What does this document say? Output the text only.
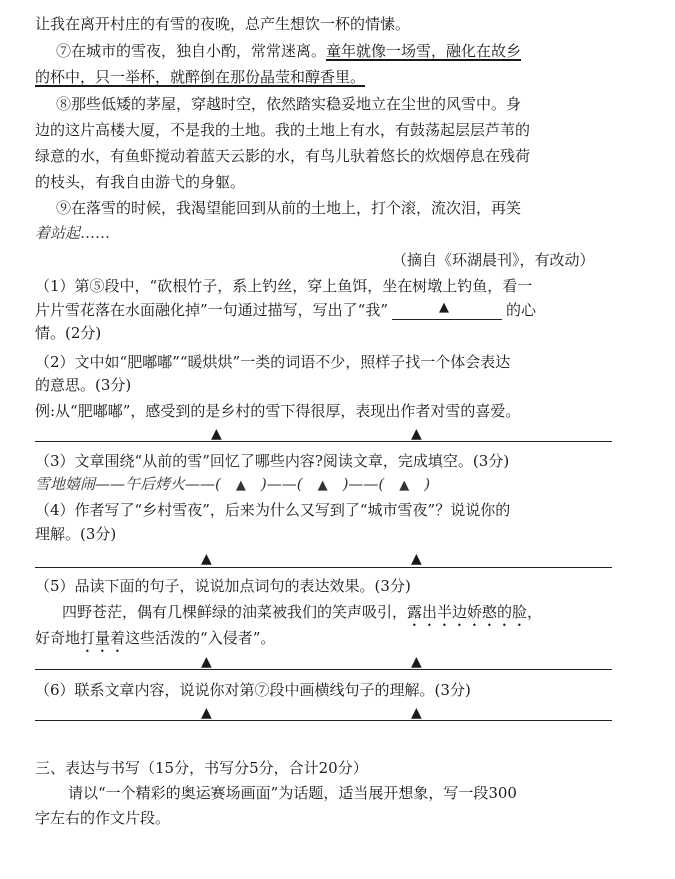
让我在离开村庄的有雪的夜晚，总产生想饮一杯的情愫。
⑦在城市的雪夜，独自小酌，常常迷离。童年就像一场雪，融化在故乡
的杯中，只一举杯，就醉倒在那份晶莹和醇香里。
⑧那些低矮的茅屋，穿越时空，依然踏实稳妥地立在尘世的风雪中。身
边的这片高楼大厦，不是我的土地。我的土地上有水，有鼓荡起层层芦苇的
绿意的水，有鱼虾搅动着蓝天云影的水，有鸟儿驮着悠长的炊烟停息在残荷
的枝头，有我自由游弋的身躯。
⑨在落雪的时候，我渴望能回到从前的土地上，打个滚，流次泪，再笑
着站起……
（摘自《环湖晨刊》，有改动）
（1）第⑤段中，“砍根竹子，系上钓丝，穿上鱼饵，坐在树墩上钓鱼，看一
片片雪花落在水面融化掉”一句通过描写，写出了“我”	▲	的心
情。(2分)
（2）文中如“肥嘟嘟”“暖烘烘”一类的词语不少，照样子找一个体会表达
的意思。(3分)
例:从“肥嘟嘟”，感受到的是乡村的雪下得很厚，表现出作者对雪的喜爱。
▲	▲
（3）文章围绕“从前的雪”回忆了哪些内容?阅读文章，完成填空。(3分)
雪地嬉闹——午后烤火——( ▲ )——( ▲ )——( ▲ )
（4）作者写了“乡村雪夜”，后来为什么又写到了“城市雪夜”？说说你的
理解。(3分)
▲	▲
（5）品读下面的句子，说说加点词句的表达效果。(3分)
四野苍茫，偶有几棵鲜绿的油菜被我们的笑声吸引，露出半边娇憨的脸，
好奇地打量着这些活泼的“入侵者”。
▲	▲
（6）联系文章内容，说说你对第⑦段中画横线句子的理解。(3分)
▲	▲
三、表达与书写（15分，书写分5分，合计20分）
请以“一个精彩的奥运赛场画面”为话题，适当展开想象，写一段300
字左右的作文片段。
